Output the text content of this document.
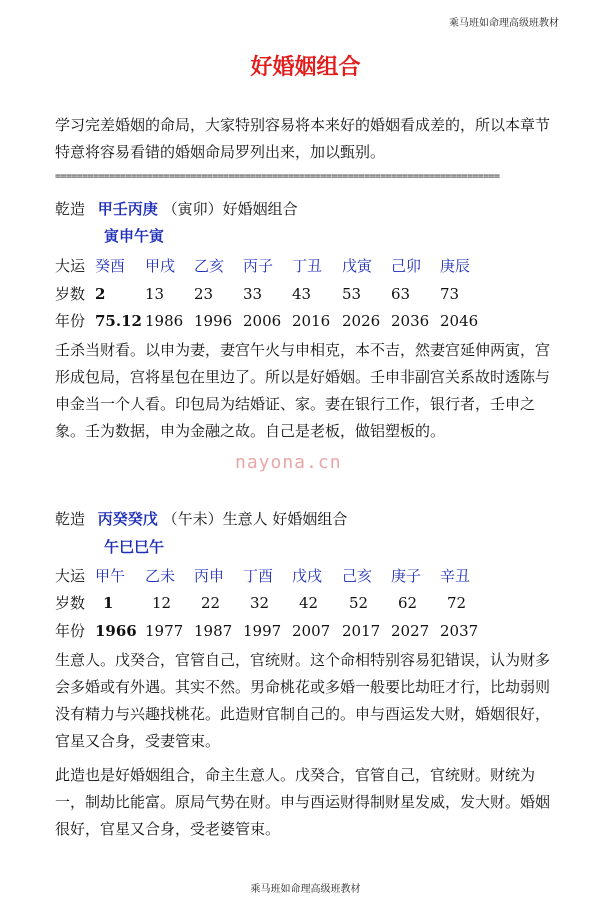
乘马班如命理高级班教材
好婚姻组合
学习完差婚姻的命局，大家特别容易将本来好的婚姻看成差的，所以本章节特意将容易看错的婚姻命局罗列出来，加以甄别。
==================================================================================
乾造 甲壬丙庚 （寅卯）好婚姻组合
寅申午寅
大运 癸酉 甲戌 乙亥 丙子 丁丑 戊寅 己卯 庚辰
岁数 2	13 23 33 43 53 63 73
年份 75.12 1986 1996 2006 2016 2026 2036 2046
壬杀当财看。以申为妻，妻宫午火与申相克，本不吉，然妻宫延伸两寅，宫形成包局，宫将星包在里边了。所以是好婚姻。壬申非副宫关系故时透陈与申金当一个人看。印包局为结婚证、家。妻在银行工作，银行者，壬申之象。壬为数据，申为金融之故。自己是老板，做铝塑板的。
nayona.cn
乾造 丙癸癸戊 （午未）生意人 好婚姻组合
午巳巳午
大运 甲午 乙未 丙申 丁酉 戊戌 己亥 庚子 辛丑
岁数 1	12 22 32 42 52 62 72
年份 1966 1977 1987 1997 2007 2017 2027 2037
生意人。戊癸合，官管自己，官统财。这个命相特别容易犯错误，认为财多会多婚或有外遇。其实不然。男命桃花或多婚一般要比劫旺才行，比劫弱则没有精力与兴趣找桃花。此造财官制自己的。申与酉运发大财，婚姻很好，官星又合身，受妻管束。
此造也是好婚姻组合，命主生意人。戊癸合，官管自己，官统财。财统为一，制劫比能富。原局气势在财。申与酉运财得制财星发威，发大财。婚姻很好，官星又合身，受老婆管束。
乘马班如命理高级班教材
